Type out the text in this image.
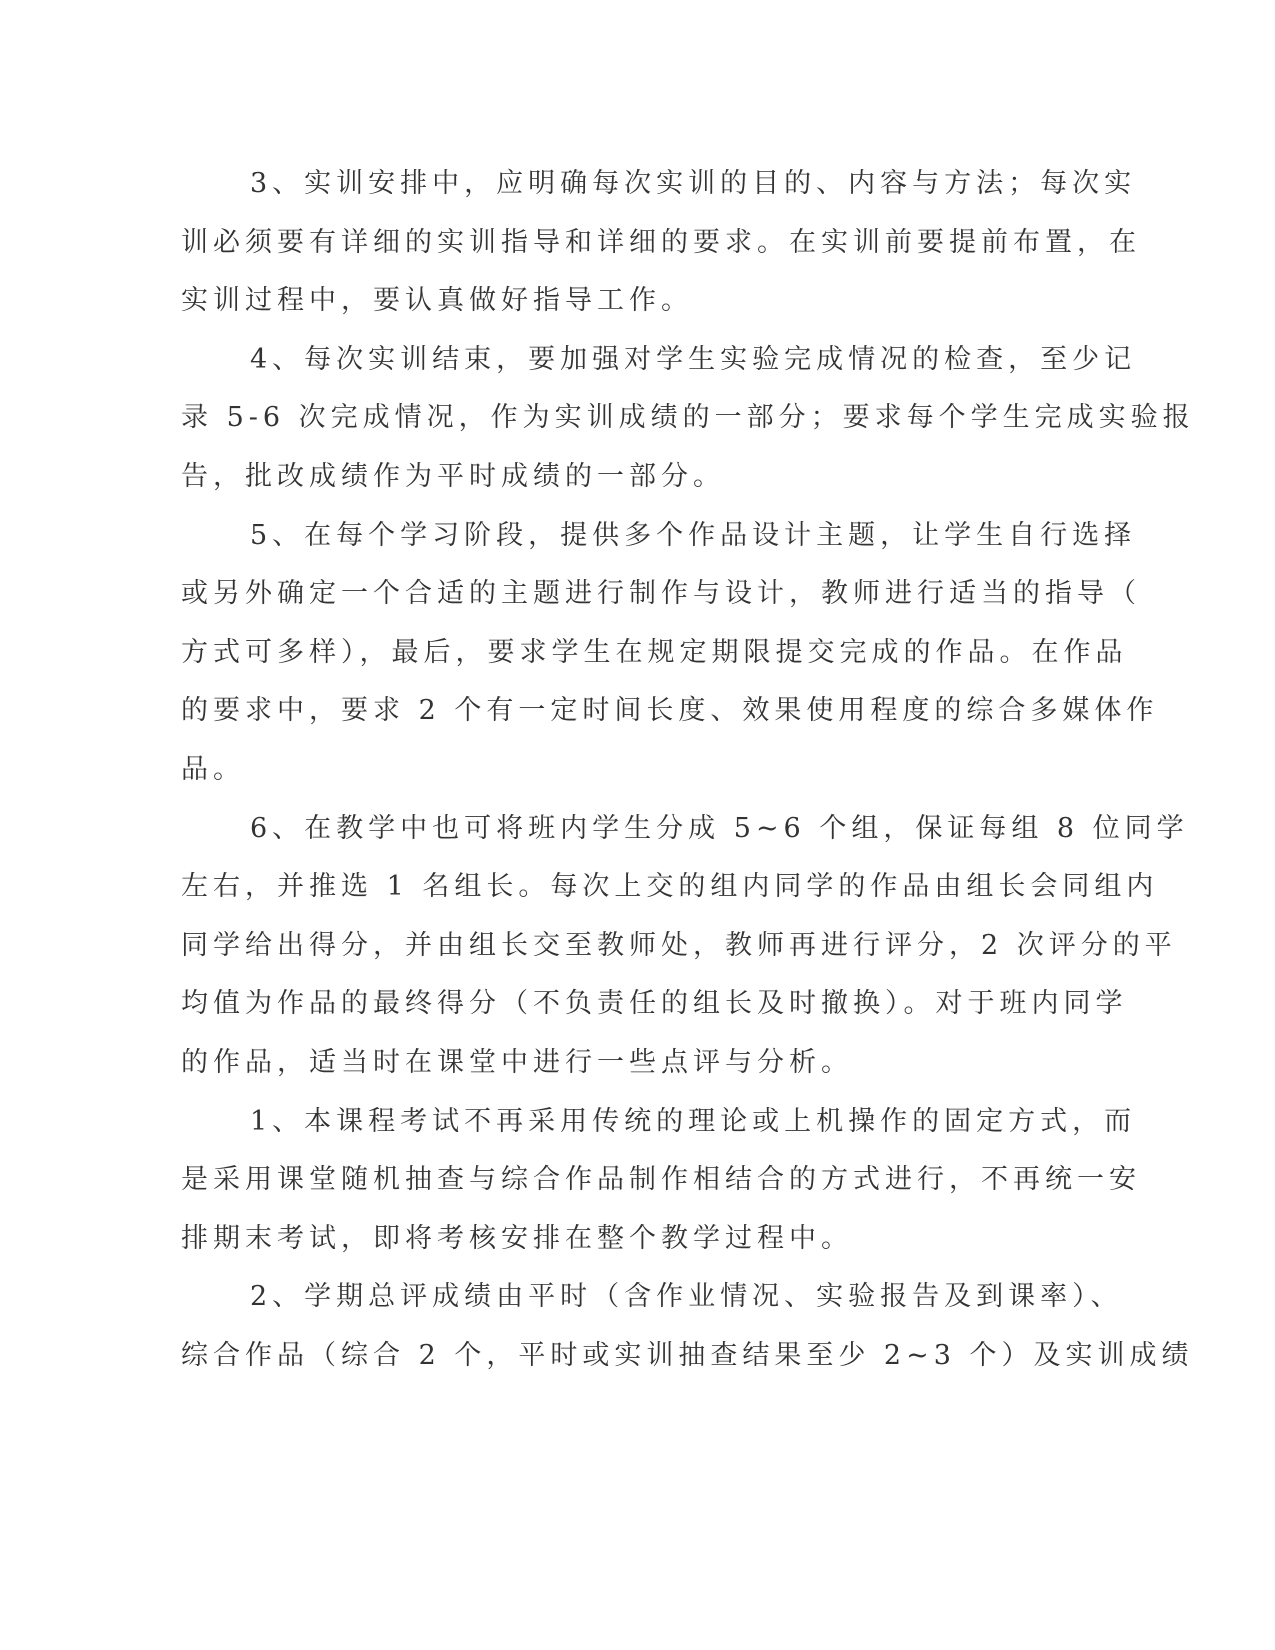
3、实训安排中，应明确每次实训的目的、内容与方法；每次实
训必须要有详细的实训指导和详细的要求。在实训前要提前布置，在
实训过程中，要认真做好指导工作。
4、每次实训结束，要加强对学生实验完成情况的检查，至少记
录 5-6 次完成情况，作为实训成绩的一部分；要求每个学生完成实验报
告，批改成绩作为平时成绩的一部分。
5、在每个学习阶段，提供多个作品设计主题，让学生自行选择
或另外确定一个合适的主题进行制作与设计，教师进行适当的指导（
方式可多样），最后，要求学生在规定期限提交完成的作品。在作品
的要求中，要求 2 个有一定时间长度、效果使用程度的综合多媒体作
品。
6、在教学中也可将班内学生分成 5~6 个组，保证每组 8 位同学
左右，并推选 1 名组长。每次上交的组内同学的作品由组长会同组内
同学给出得分，并由组长交至教师处，教师再进行评分，2 次评分的平
均值为作品的最终得分（不负责任的组长及时撤换）。对于班内同学
的作品，适当时在课堂中进行一些点评与分析。
1、本课程考试不再采用传统的理论或上机操作的固定方式，而
是采用课堂随机抽查与综合作品制作相结合的方式进行，不再统一安
排期末考试，即将考核安排在整个教学过程中。
2、学期总评成绩由平时（含作业情况、实验报告及到课率）、
综合作品（综合 2 个，平时或实训抽查结果至少 2~3 个）及实训成绩
